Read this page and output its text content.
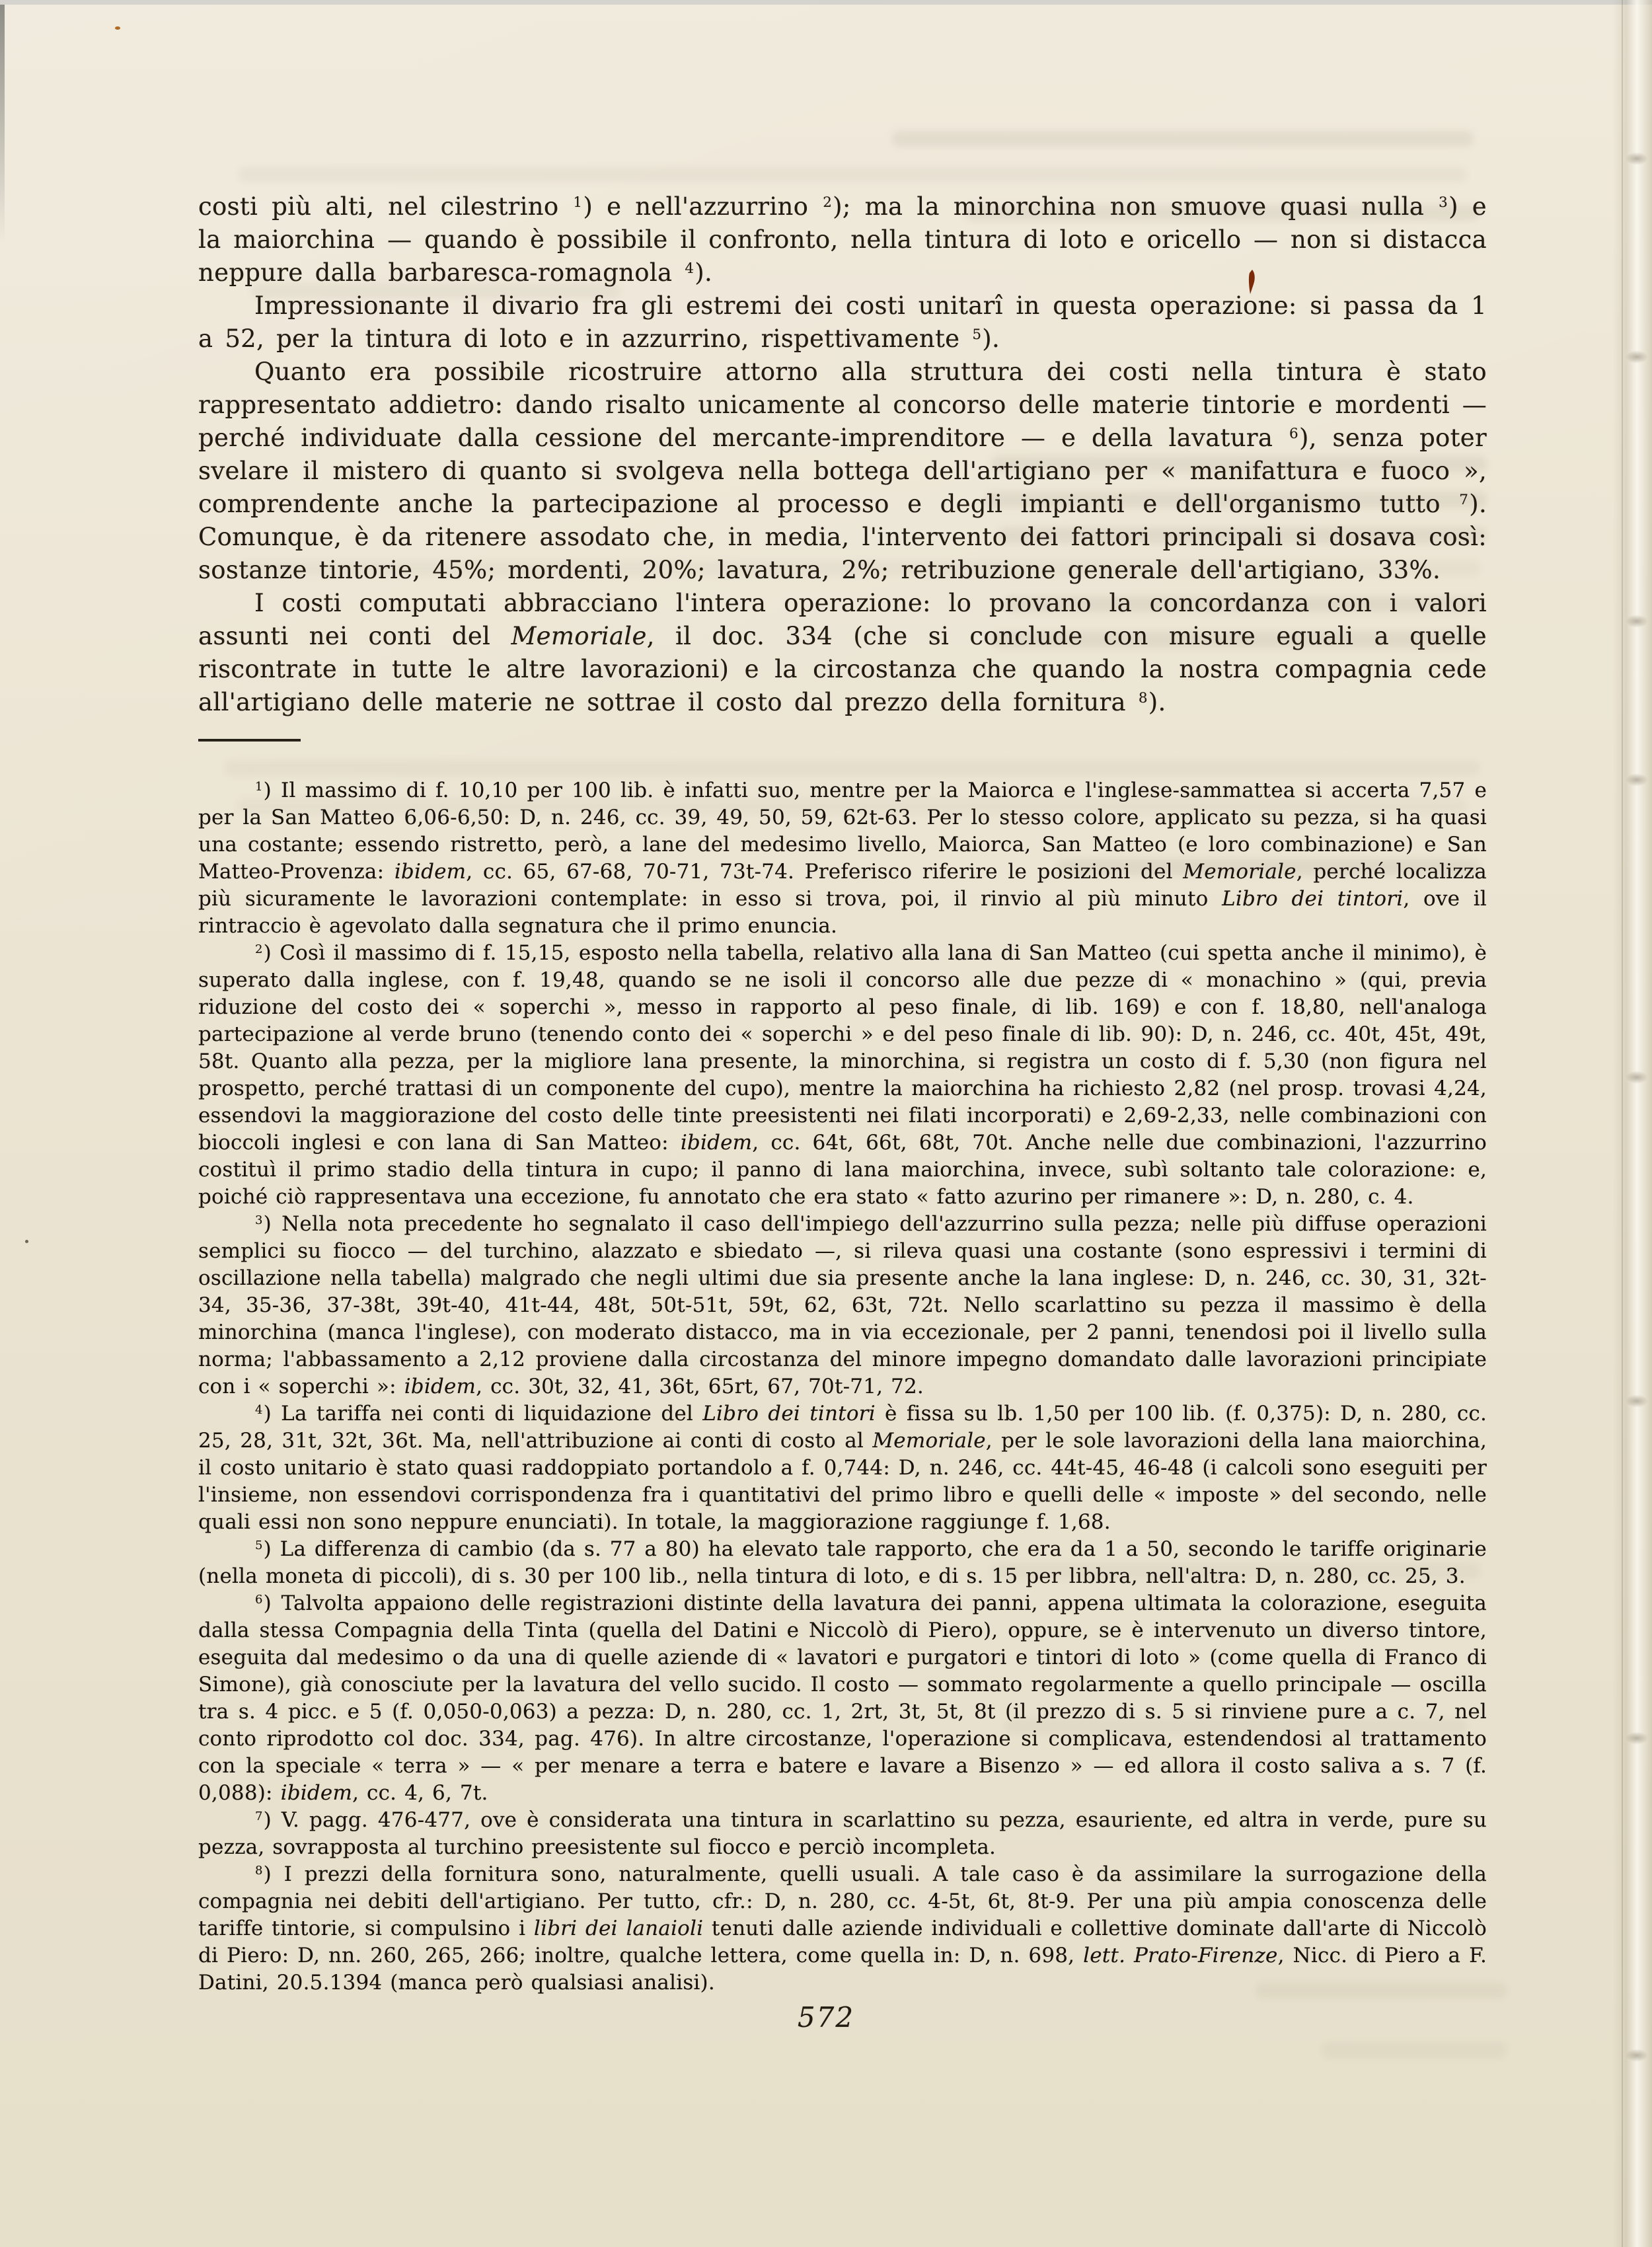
costi più alti, nel cilestrino $^1$) e nell'azzurrino $^2$); ma la minorchina non smuove quasi nulla $^3$) e la maiorchina — quando è possibile il confronto, nella tintura di loto e oricello — non si distacca neppure dalla barbaresca-romagnola $^4$).

Impressionante il divario fra gli estremi dei costi unitarî in questa operazione: si passa da 1 a 52, per la tintura di loto e in azzurrino, rispettivamente $^5$).

Quanto era possibile ricostruire attorno alla struttura dei costi nella tintura è stato rappresentato addietro: dando risalto unicamente al concorso delle materie tintorie e mordenti — perché individuate dalla cessione del mercante-imprenditore — e della lavatura $^6$), senza poter svelare il mistero di quanto si svolgeva nella bottega dell'artigiano per « manifattura e fuoco », comprendente anche la partecipazione al processo e degli impianti e dell'organismo tutto $^7$). Comunque, è da ritenere assodato che, in media, l'intervento dei fattori principali si dosava così: sostanze tintorie, 45%; mordenti, 20%; lavatura, 2%; retribuzione generale dell'artigiano, 33%.

I costi computati abbracciano l'intera operazione: lo provano la concordanza con i valori assunti nei conti del Memoriale, il doc. 334 (che si conclude con misure eguali a quelle riscontrate in tutte le altre lavorazioni) e la circostanza che quando la nostra compagnia cede all'artigiano delle materie ne sottrae il costo dal prezzo della fornitura $^8$).

$^1$) Il massimo di f. 10,10 per 100 lib. è infatti suo, mentre per la Maiorca e l'inglese-sammattea si accerta 7,57 e per la San Matteo 6,06-6,50: D, n. 246, cc. 39, 49, 50, 59, 62t-63. Per lo stesso colore, applicato su pezza, si ha quasi una costante; essendo ristretto, però, a lane del medesimo livello, Maiorca, San Matteo (e loro combinazione) e San Matteo-Provenza: ibidem, cc. 65, 67-68, 70-71, 73t-74. Preferisco riferire le posizioni del Memoriale, perché localizza più sicuramente le lavorazioni contemplate: in esso si trova, poi, il rinvio al più minuto Libro dei tintori, ove il rintraccio è agevolato dalla segnatura che il primo enuncia.

$^2$) Così il massimo di f. 15,15, esposto nella tabella, relativo alla lana di San Matteo (cui spetta anche il minimo), è superato dalla inglese, con f. 19,48, quando se ne isoli il concorso alle due pezze di « monachino » (qui, previa riduzione del costo dei « soperchi », messo in rapporto al peso finale, di lib. 169) e con f. 18,80, nell'analoga partecipazione al verde bruno (tenendo conto dei « soperchi » e del peso finale di lib. 90): D, n. 246, cc. 40t, 45t, 49t, 58t. Quanto alla pezza, per la migliore lana presente, la minorchina, si registra un costo di f. 5,30 (non figura nel prospetto, perché trattasi di un componente del cupo), mentre la maiorchina ha richiesto 2,82 (nel prosp. trovasi 4,24, essendovi la maggiorazione del costo delle tinte preesistenti nei filati incorporati) e 2,69-2,33, nelle combinazioni con bioccoli inglesi e con lana di San Matteo: ibidem, cc. 64t, 66t, 68t, 70t. Anche nelle due combinazioni, l'azzurrino costituì il primo stadio della tintura in cupo; il panno di lana maiorchina, invece, subì soltanto tale colorazione: e, poiché ciò rappresentava una eccezione, fu annotato che era stato « fatto azurino per rimanere »: D, n. 280, c. 4.

$^3$) Nella nota precedente ho segnalato il caso dell'impiego dell'azzurrino sulla pezza; nelle più diffuse operazioni semplici su fiocco — del turchino, alazzato e sbiedato —, si rileva quasi una costante (sono espressivi i termini di oscillazione nella tabella) malgrado che negli ultimi due sia presente anche la lana inglese: D, n. 246, cc. 30, 31, 32t-34, 35-36, 37-38t, 39t-40, 41t-44, 48t, 50t-51t, 59t, 62, 63t, 72t. Nello scarlattino su pezza il massimo è della minorchina (manca l'inglese), con moderato distacco, ma in via eccezionale, per 2 panni, tenendosi poi il livello sulla norma; l'abbassamento a 2,12 proviene dalla circostanza del minore impegno domandato dalle lavorazioni principiate con i « soperchi »: ibidem, cc. 30t, 32, 41, 36t, 65rt, 67, 70t-71, 72.

$^4$) La tariffa nei conti di liquidazione del Libro dei tintori è fissa su lb. 1,50 per 100 lib. (f. 0,375): D, n. 280, cc. 25, 28, 31t, 32t, 36t. Ma, nell'attribuzione ai conti di costo al Memoriale, per le sole lavorazioni della lana maiorchina, il costo unitario è stato quasi raddoppiato portandolo a f. 0,744: D, n. 246, cc. 44t-45, 46-48 (i calcoli sono eseguiti per l'insieme, non essendovi corrispondenza fra i quantitativi del primo libro e quelli delle « imposte » del secondo, nelle quali essi non sono neppure enunciati). In totale, la maggiorazione raggiunge f. 1,68.

$^5$) La differenza di cambio (da s. 77 a 80) ha elevato tale rapporto, che era da 1 a 50, secondo le tariffe originarie (nella moneta di piccoli), di s. 30 per 100 lib., nella tintura di loto, e di s. 15 per libbra, nell'altra: D, n. 280, cc. 25, 3.

$^6$) Talvolta appaiono delle registrazioni distinte della lavatura dei panni, appena ultimata la colorazione, eseguita dalla stessa Compagnia della Tinta (quella del Datini e Niccolò di Piero), oppure, se è intervenuto un diverso tintore, eseguita dal medesimo o da una di quelle aziende di « lavatori e purgatori e tintori di loto » (come quella di Franco di Simone), già conosciute per la lavatura del vello sucido. Il costo — sommato regolarmente a quello principale — oscilla tra s. 4 picc. e 5 (f. 0,050-0,063) a pezza: D, n. 280, cc. 1, 2rt, 3t, 5t, 8t (il prezzo di s. 5 si rinviene pure a c. 7, nel conto riprodotto col doc. 334, pag. 476). In altre circostanze, l'operazione si complicava, estendendosi al trattamento con la speciale « terra » — « per menare a terra e batere e lavare a Bisenzo » — ed allora il costo saliva a s. 7 (f. 0,088): ibidem, cc. 4, 6, 7t.

$^7$) V. pagg. 476-477, ove è considerata una tintura in scarlattino su pezza, esauriente, ed altra in verde, pure su pezza, sovrapposta al turchino preesistente sul fiocco e perciò incompleta.

$^8$) I prezzi della fornitura sono, naturalmente, quelli usuali. A tale caso è da assimilare la surrogazione della compagnia nei debiti dell'artigiano. Per tutto, cfr.: D, n. 280, cc. 4-5t, 6t, 8t-9. Per una più ampia conoscenza delle tariffe tintorie, si compulsino i libri dei lanaioli tenuti dalle aziende individuali e collettive dominate dall'arte di Niccolò di Piero: D, nn. 260, 265, 266; inoltre, qualche lettera, come quella in: D, n. 698, lett. Prato-Firenze, Nicc. di Piero a F. Datini, 20.5.1394 (manca però qualsiasi analisi).

572
